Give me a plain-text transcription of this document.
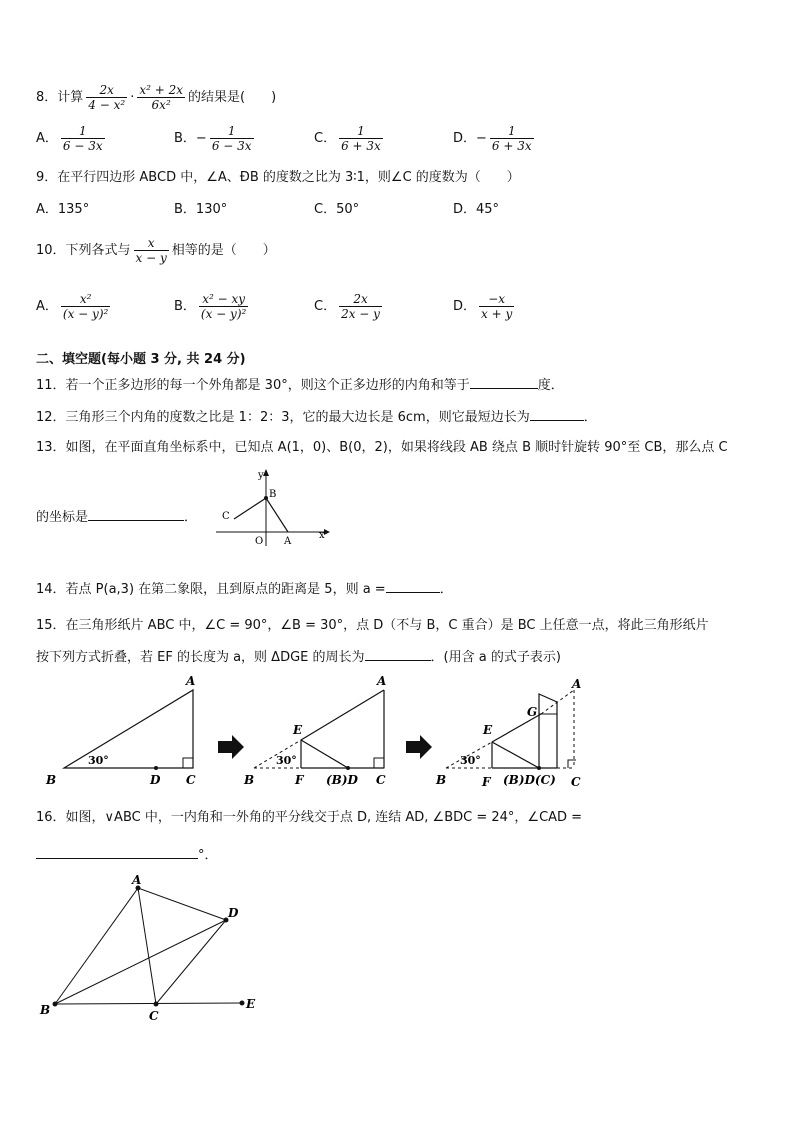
8．计算 $\frac{2x}{\text{4 − x²}} \cdot \frac{\text{x² + 2x}}{\text{6x²}}$ 的结果是(　　)
A． $\frac{1}{6 - 3x}$	B．− $\frac{1}{6 - 3x}$	C． $\frac{1}{6 + 3x}$	D．− $\frac{1}{6 + 3x}$
9．在平行四边形 ABCD 中，∠A、ÐB 的度数之比为 3∶1，则∠C 的度数为（　　）
A．135°	B．130°	C．50°	D．45°
10．下列各式与 $\frac{x}{x - y}$ 相等的是（　　）
A． $\frac{\text{x²}}{\text{(x − y)²}}$	B． $\frac{\text{x² − xy}}{\text{(x − y)²}}$	C． $\frac{2x}{2x - y}$	D． $\frac{-x}{x + y}$
二、填空题(每小题 3 分, 共 24 分)
11．若一个正多边形的每一个外角都是 30°，则这个正多边形的内角和等于	度．
12．三角形三个内角的度数之比是 1：2：3，它的最大边长是 6cm，则它最短边长为	．
13．如图，在平面直角坐标系中，已知点 A(1，0)、B(0，2)，如果将线段 AB 绕点 B 顺时针旋转 90°至 CB，那么点 C
的坐标是	．
y
x
B
C
O A
14．若点 P(a,3) 在第二象限，且到原点的距离是 5，则 a =	．
15．在三角形纸片 ABC 中，∠C = 90°，∠B = 30°，点 D（不与 B，C 重合）是 BC 上任意一点，将此三角形纸片
按下列方式折叠，若 EF 的长度为 a，则 ΔDGE 的周长为	．(用含 a 的式子表示)
30°
A
B	D C
30°
A
E
B	F (B)D C
30°
A
G
E
B	F (B)D(C) C
16．如图，∨ABC 中，一内角和一外角的平分线交于点 D, 连结 AD, ∠BDC = 24°，∠CAD =
°．
A
B	C
D
E
